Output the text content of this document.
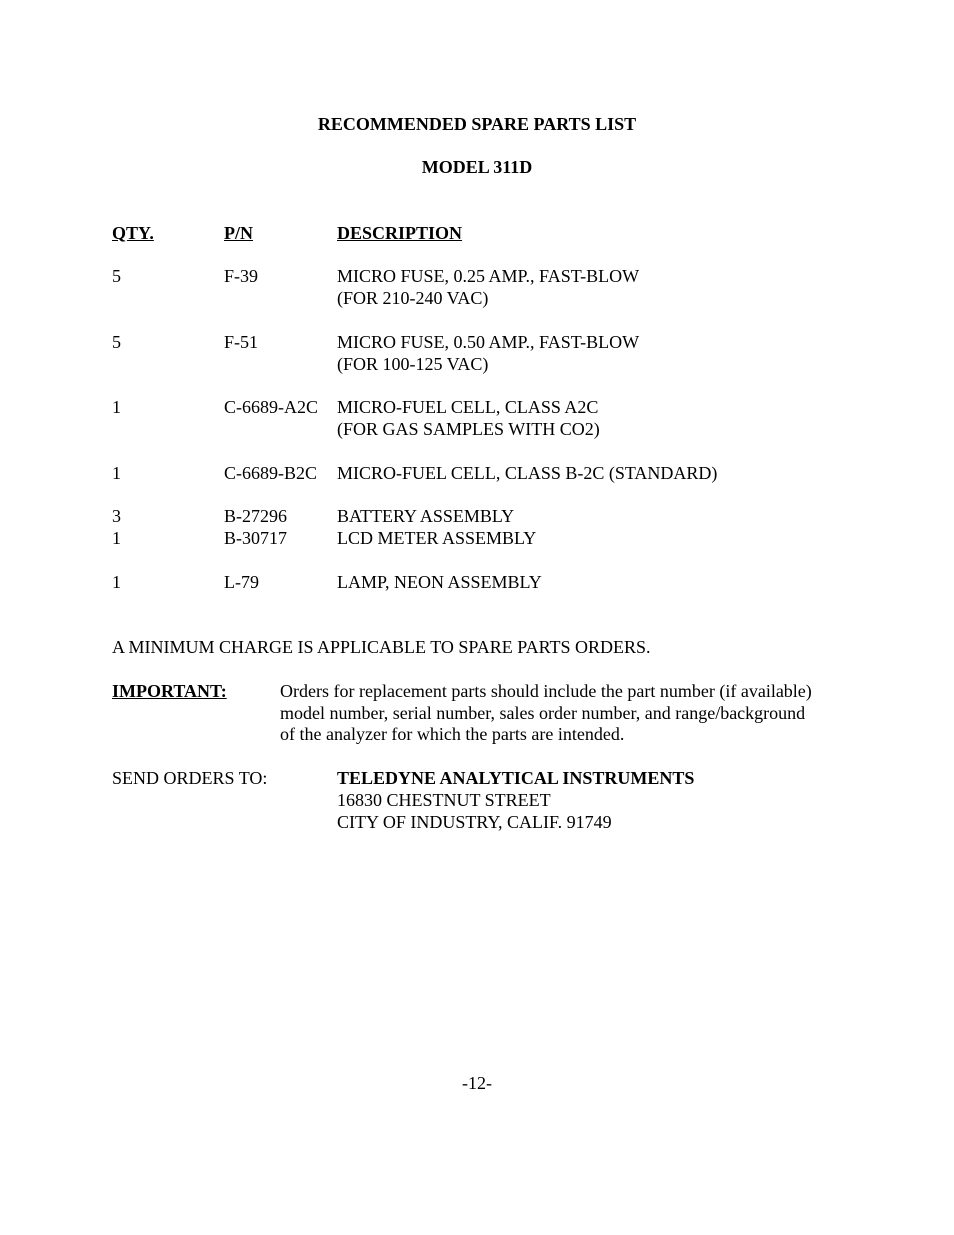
RECOMMENDED SPARE PARTS LIST
MODEL 311D
QTY.	P/N	DESCRIPTION
5	F-39	MICRO FUSE, 0.25 AMP., FAST-BLOW
(FOR 210-240 VAC)
5	F-51	MICRO FUSE, 0.50 AMP., FAST-BLOW
(FOR 100-125 VAC)
1	C-6689-A2C MICRO-FUEL CELL, CLASS A2C
(FOR GAS SAMPLES WITH CO2)
1	C-6689-B2C MICRO-FUEL CELL, CLASS B-2C (STANDARD)
3	B-27296	BATTERY ASSEMBLY
1	B-30717	LCD METER ASSEMBLY
1	L-79	LAMP, NEON ASSEMBLY
A MINIMUM CHARGE IS APPLICABLE TO SPARE PARTS ORDERS.
IMPORTANT:	Orders for replacement parts should include the part number (if available)
model number, serial number, sales order number, and range/background
of the analyzer for which the parts are intended.
SEND ORDERS TO:	TELEDYNE ANALYTICAL INSTRUMENTS
16830 CHESTNUT STREET
CITY OF INDUSTRY, CALIF. 91749
-12-
